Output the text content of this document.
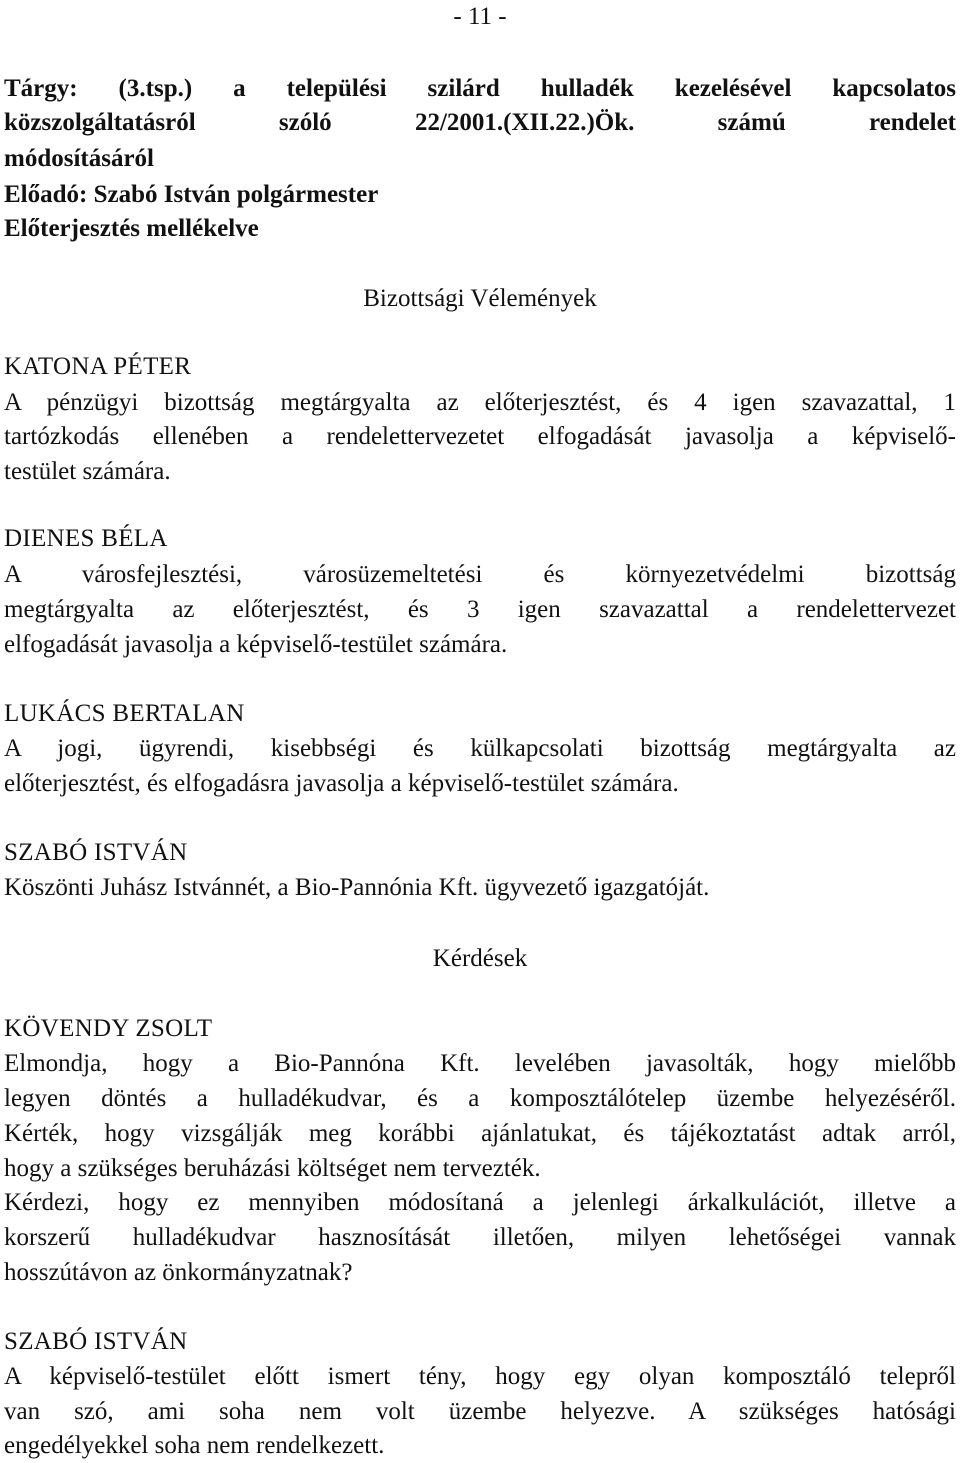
- 11 -
Tárgy: (3.tsp.) a települési szilárd hulladék kezelésével kapcsolatos
közszolgáltatásról szóló 22/2001.(XII.22.)Ök. számú rendelet
módosításáról
Előadó: Szabó István polgármester
Előterjesztés mellékelve
Bizottsági Vélemények
KATONA PÉTER
A pénzügyi bizottság megtárgyalta az előterjesztést, és 4 igen szavazattal, 1
tartózkodás ellenében a rendelettervezetet elfogadását javasolja a képviselő-
testület számára.
DIENES BÉLA
A városfejlesztési, városüzemeltetési és környezetvédelmi bizottság
megtárgyalta az előterjesztést, és 3 igen szavazattal a rendelettervezet
elfogadását javasolja a képviselő-testület számára.
LUKÁCS BERTALAN
A jogi, ügyrendi, kisebbségi és külkapcsolati bizottság megtárgyalta az
előterjesztést, és elfogadásra javasolja a képviselő-testület számára.
SZABÓ ISTVÁN
Köszönti Juhász Istvánnét, a Bio-Pannónia Kft. ügyvezető igazgatóját.
Kérdések
KÖVENDY ZSOLT
Elmondja, hogy a Bio-Pannóna Kft. levelében javasolták, hogy mielőbb
legyen döntés a hulladékudvar, és a komposztálótelep üzembe helyezéséről.
Kérték, hogy vizsgálják meg korábbi ajánlatukat, és tájékoztatást adtak arról,
hogy a szükséges beruházási költséget nem tervezték.
Kérdezi, hogy ez mennyiben módosítaná a jelenlegi árkalkulációt, illetve a
korszerű hulladékudvar hasznosítását illetően, milyen lehetőségei vannak
hosszútávon az önkormányzatnak?
SZABÓ ISTVÁN
A képviselő-testület előtt ismert tény, hogy egy olyan komposztáló telepről
van szó, ami soha nem volt üzembe helyezve. A szükséges hatósági
engedélyekkel soha nem rendelkezett.
